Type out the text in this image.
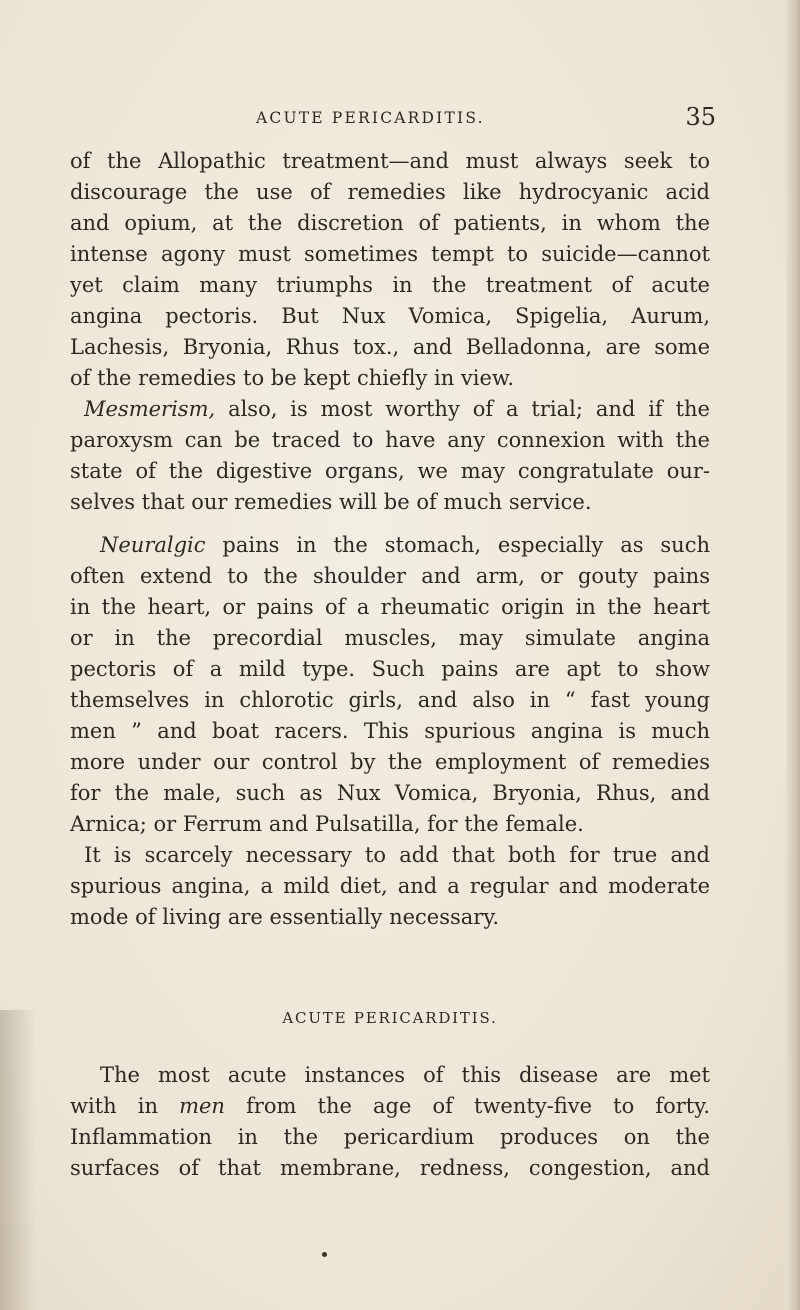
ACUTE PERICARDITIS.	35
of the Allopathic treatment—and must always seek to
discourage the use of remedies like hydrocyanic acid
and opium, at the discretion of patients, in whom the
intense agony must sometimes tempt to suicide—cannot
yet claim many triumphs in the treatment of acute
angina pectoris. But Nux Vomica, Spigelia, Aurum,
Lachesis, Bryonia, Rhus tox., and Belladonna, are some
of the remedies to be kept chiefly in view.
Mesmerism, also, is most worthy of a trial; and if the
paroxysm can be traced to have any connexion with the
state of the digestive organs, we may congratulate our-
selves that our remedies will be of much service.
Neuralgic pains in the stomach, especially as such
often extend to the shoulder and arm, or gouty pains
in the heart, or pains of a rheumatic origin in the heart
or in the precordial muscles, may simulate angina
pectoris of a mild type. Such pains are apt to show
themselves in chlorotic girls, and also in “ fast young
men ” and boat racers. This spurious angina is much
more under our control by the employment of remedies
for the male, such as Nux Vomica, Bryonia, Rhus, and
Arnica; or Ferrum and Pulsatilla, for the female.
It is scarcely necessary to add that both for true and
spurious angina, a mild diet, and a regular and moderate
mode of living are essentially necessary.
ACUTE PERICARDITIS.
The most acute instances of this disease are met
with in men from the age of twenty-five to forty.
Inflammation in the pericardium produces on the
surfaces of that membrane, redness, congestion, and
